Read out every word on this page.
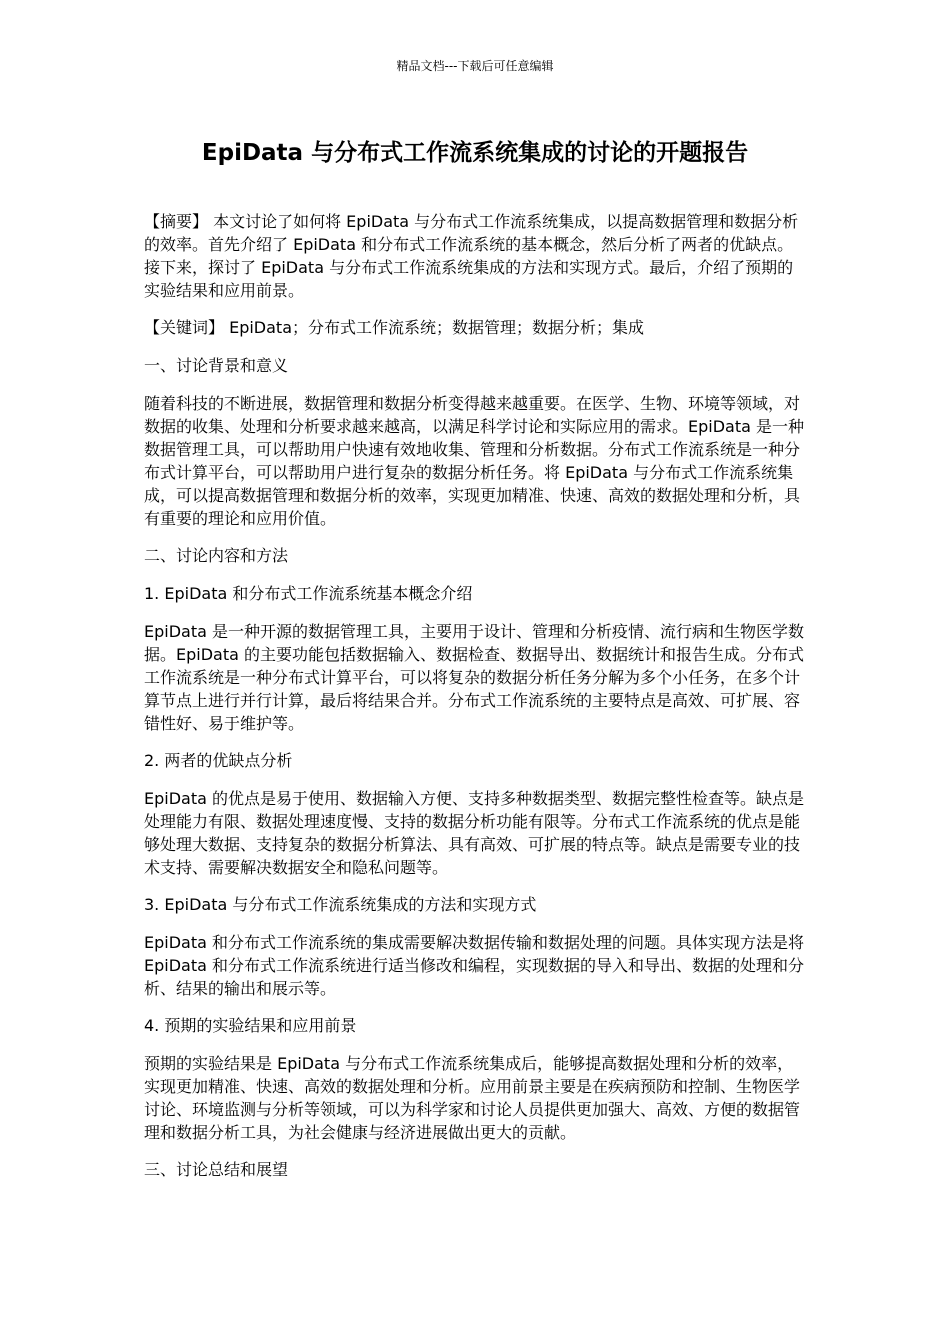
精品文档---下载后可任意编辑
EpiData 与分布式工作流系统集成的讨论的开题报告

【摘要】 本文讨论了如何将 EpiData 与分布式工作流系统集成，以提高数据管理和数据分析的效率。首先介绍了 EpiData 和分布式工作流系统的基本概念，然后分析了两者的优缺点。接下来，探讨了 EpiData 与分布式工作流系统集成的方法和实现方式。最后，介绍了预期的实验结果和应用前景。

【关键词】 EpiData；分布式工作流系统；数据管理；数据分析；集成

一、讨论背景和意义

随着科技的不断进展，数据管理和数据分析变得越来越重要。在医学、生物、环境等领域，对数据的收集、处理和分析要求越来越高，以满足科学讨论和实际应用的需求。EpiData 是一种数据管理工具，可以帮助用户快速有效地收集、管理和分析数据。分布式工作流系统是一种分布式计算平台，可以帮助用户进行复杂的数据分析任务。将 EpiData 与分布式工作流系统集成，可以提高数据管理和数据分析的效率，实现更加精准、快速、高效的数据处理和分析，具有重要的理论和应用价值。

二、讨论内容和方法

1. EpiData 和分布式工作流系统基本概念介绍

EpiData 是一种开源的数据管理工具，主要用于设计、管理和分析疫情、流行病和生物医学数据。EpiData 的主要功能包括数据输入、数据检查、数据导出、数据统计和报告生成。分布式工作流系统是一种分布式计算平台，可以将复杂的数据分析任务分解为多个小任务，在多个计算节点上进行并行计算，最后将结果合并。分布式工作流系统的主要特点是高效、可扩展、容错性好、易于维护等。

2. 两者的优缺点分析

EpiData 的优点是易于使用、数据输入方便、支持多种数据类型、数据完整性检查等。缺点是处理能力有限、数据处理速度慢、支持的数据分析功能有限等。分布式工作流系统的优点是能够处理大数据、支持复杂的数据分析算法、具有高效、可扩展的特点等。缺点是需要专业的技术支持、需要解决数据安全和隐私问题等。

3. EpiData 与分布式工作流系统集成的方法和实现方式

EpiData 和分布式工作流系统的集成需要解决数据传输和数据处理的问题。具体实现方法是将 EpiData 和分布式工作流系统进行适当修改和编程，实现数据的导入和导出、数据的处理和分析、结果的输出和展示等。

4. 预期的实验结果和应用前景

预期的实验结果是 EpiData 与分布式工作流系统集成后，能够提高数据处理和分析的效率，实现更加精准、快速、高效的数据处理和分析。应用前景主要是在疾病预防和控制、生物医学讨论、环境监测与分析等领域，可以为科学家和讨论人员提供更加强大、高效、方便的数据管理和数据分析工具，为社会健康与经济进展做出更大的贡献。

三、讨论总结和展望
